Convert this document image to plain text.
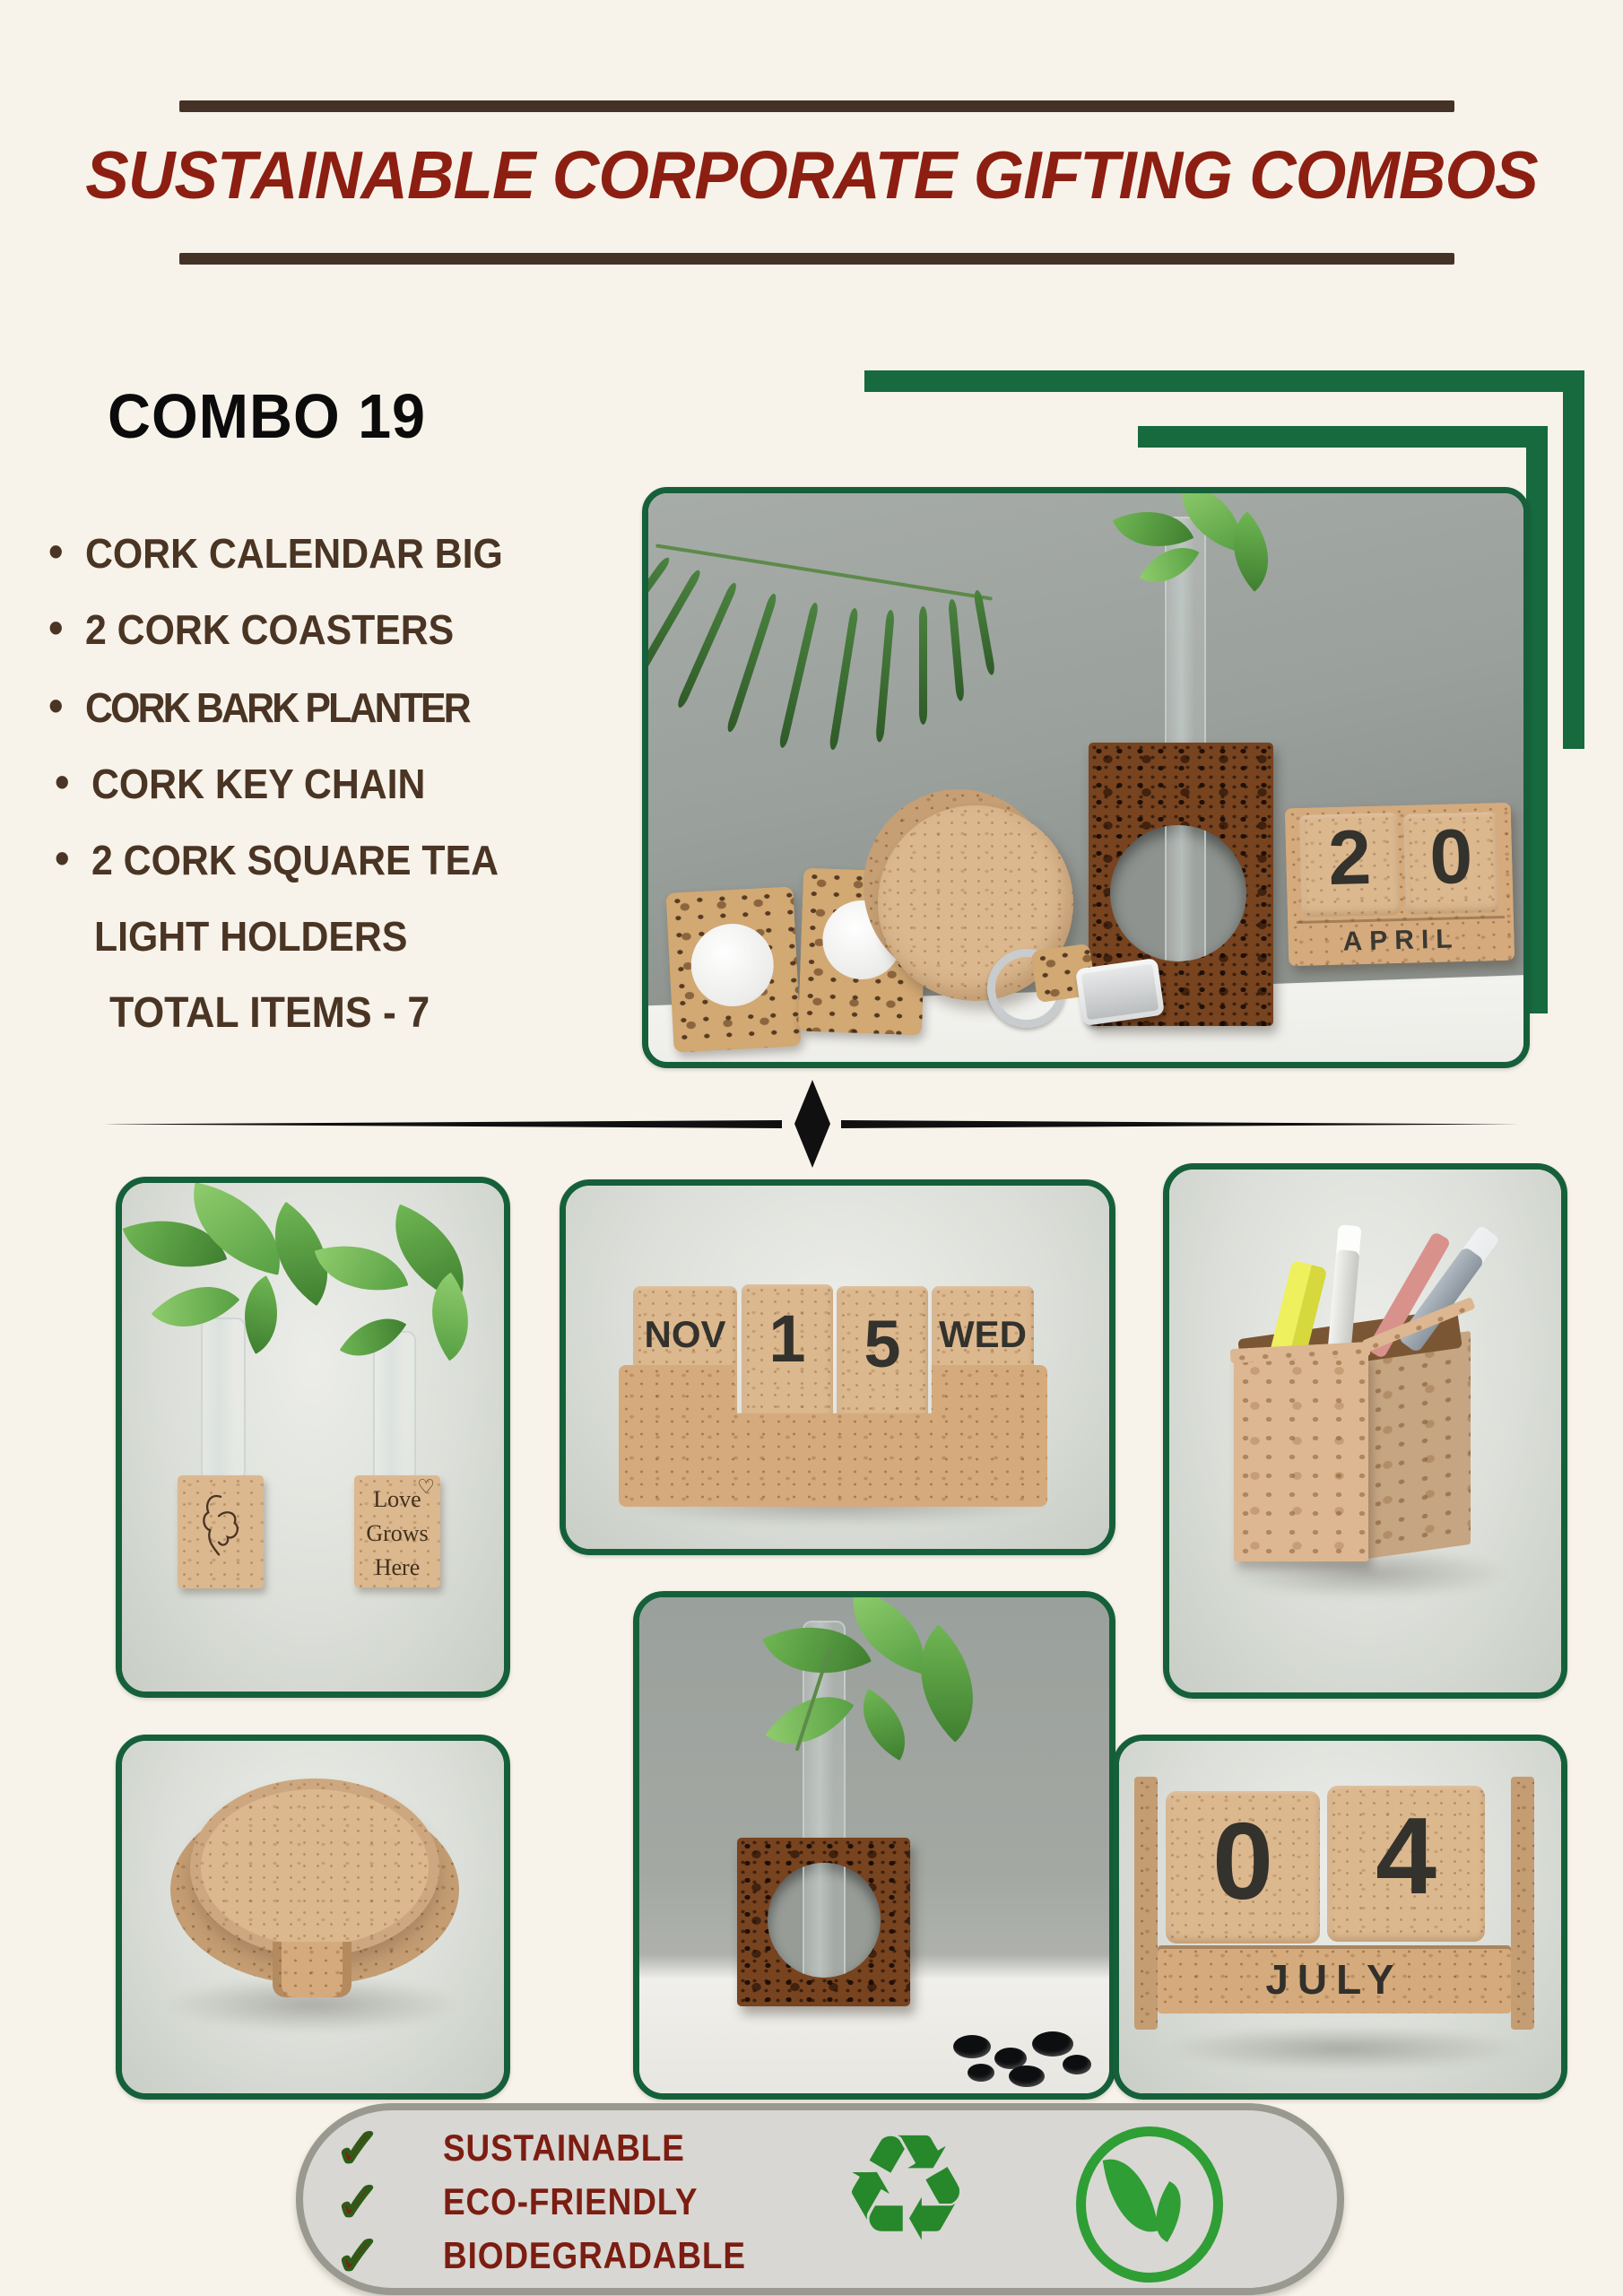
SUSTAINABLE CORPORATE GIFTING COMBOS
COMBO 19
• CORK CALENDAR BIG
• 2 CORK COASTERS
• CORK BARK PLANTER
• CORK KEY CHAIN
• 2 CORK SQUARE TEA
LIGHT HOLDERS
TOTAL ITEMS - 7
2 0
APRIL
♡
Love
Grows
Here
NOV 1 5 WED
0 4
JULY
✓ SUSTAINABLE
✓ ECO-FRIENDLY
✓ BIODEGRADABLE ♻
